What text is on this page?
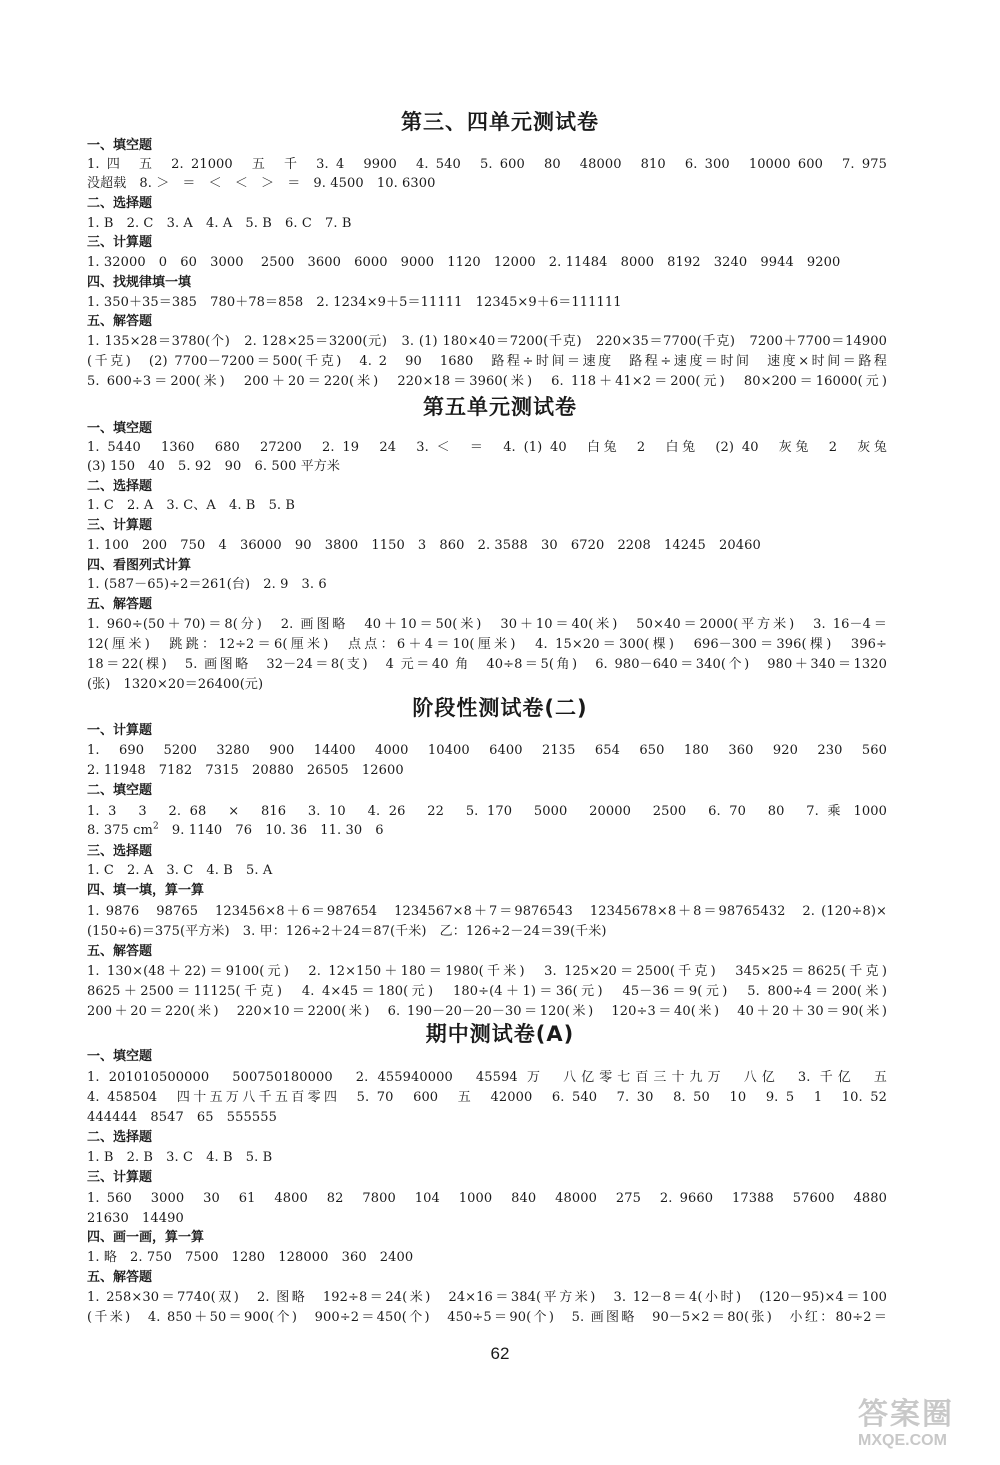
第三、四单元测试卷
一、填空题
1. 四　五　2. 21000　五　千　3. 4　9900　4. 540　5. 600　80　48000　810　6. 300　10000 600　7. 975
没超载　8. ＞　＝　＜　＜　＞　＝　9. 4500　10. 6300
二、选择题
1. B　2. C　3. A　4. A　5. B　6. C　7. B
三、计算题
1. 32000　0　60　3000　 2500　3600　6000　9000　1120　12000　2. 11484　8000　8192　3240　9944　9200
四、找规律填一填
1. 350＋35＝385　780＋78＝858　2. 1234×9＋5＝11111　12345×9＋6＝111111
五、解答题
1. 135×28＝3780(个)　2. 128×25＝3200(元)　3. (1) 180×40＝7200(千克)　220×35＝7700(千克)　7200＋7700＝14900
(千克)　(2) 7700－7200＝500(千克)　4. 2　90　1680　路程÷时间＝速度　路程÷速度＝时间　速度×时间＝路程
5. 600÷3＝200(米)　200＋20＝220(米)　220×18＝3960(米)　6. 118＋41×2＝200(元)　80×200＝16000(元)
第五单元测试卷
一、填空题
1. 5440　1360　680　27200　2. 19　24　3. ＜　＝　4. (1) 40　白兔　2　白兔　(2) 40　灰兔　2　灰兔
(3) 150　40　5. 92　90　6. 500 平方米
二、选择题
1. C　2. A　3. C、A　4. B　5. B
三、计算题
1. 100　200　750　4　36000　90　3800　1150　3　860　2. 3588　30　6720　2208　14245　20460
四、看图列式计算
1. (587－65)÷2＝261(台)　2. 9　3. 6
五、解答题
1. 960÷(50＋70)＝8(分)　2. 画图略　40＋10＝50(米)　30＋10＝40(米)　50×40＝2000(平方米)　3. 16－4＝
12(厘米)　跳跳：12÷2＝6(厘米)　点点：6＋4＝10(厘米)　4. 15×20＝300(棵)　696－300＝396(棵)　396÷
18＝22(棵)　5. 画图略　32－24＝8(支)　4 元＝40 角　40÷8＝5(角)　6. 980－640＝340(个)　980＋340＝1320
(张)　1320×20＝26400(元)
阶段性测试卷(二)
一、计算题
1.　690　5200　3280　900　14400　4000　10400　6400　2135　654　650　180　360　920　230　560
2. 11948　7182　7315　20880　26505　12600
二、填空题
1. 3　3　2. 68　×　816　3. 10　4. 26　22　5. 170　5000　20000　2500　6. 70　80　7. 乘 1000
8. 375 $cm^2$　9. 1140　76　10. 36　11. 30　6
三、选择题
1. C　2. A　3. C　4. B　5. A
四、填一填，算一算
1. 9876　98765　123456×8＋6＝987654　1234567×8＋7＝9876543　12345678×8＋8＝98765432　2. (120÷8)×
(150÷6)＝375(平方米)　3. 甲：126÷2＋24＝87(千米)　乙：126÷2－24＝39(千米)
五、解答题
1. 130×(48＋22)＝9100(元)　2. 12×150＋180＝1980(千米)　3. 125×20＝2500(千克)　345×25＝8625(千克)
8625＋2500＝11125(千克)　4. 4×45＝180(元)　180÷(4＋1)＝36(元)　45－36＝9(元)　5. 800÷4＝200(米)
200＋20＝220(米)　220×10＝2200(米)　6. 190－20－20－30＝120(米)　120÷3＝40(米)　40＋20＋30＝90(米)
期中测试卷(A)
一、填空题
1. 201010500000　500750180000　2. 455940000　45594 万　八亿零七百三十九万　八亿　3. 千亿　五
4. 458504　四十五万八千五百零四　5. 70　600　五　42000　6. 540　7. 30　8. 50　10　9. 5　1　10. 52
444444　8547　65　555555
二、选择题
1. B　2. B　3. C　4. B　5. B
三、计算题
1. 560　3000　30　61　4800　82　7800　104　1000　840　48000　275　2. 9660　17388　57600　4880
21630　14490
四、画一画，算一算
1. 略　2. 750　7500　1280　128000　360　2400
五、解答题
1. 258×30＝7740(双)　2. 图略　192÷8＝24(米)　24×16＝384(平方米)　3. 12－8＝4(小时)　(120－95)×4＝100
(千米)　4. 850＋50＝900(个)　900÷2＝450(个)　450÷5＝90(个)　5. 画图略　90－5×2＝80(张)　小红：80÷2＝
62
答案圈
MXQE.COM
